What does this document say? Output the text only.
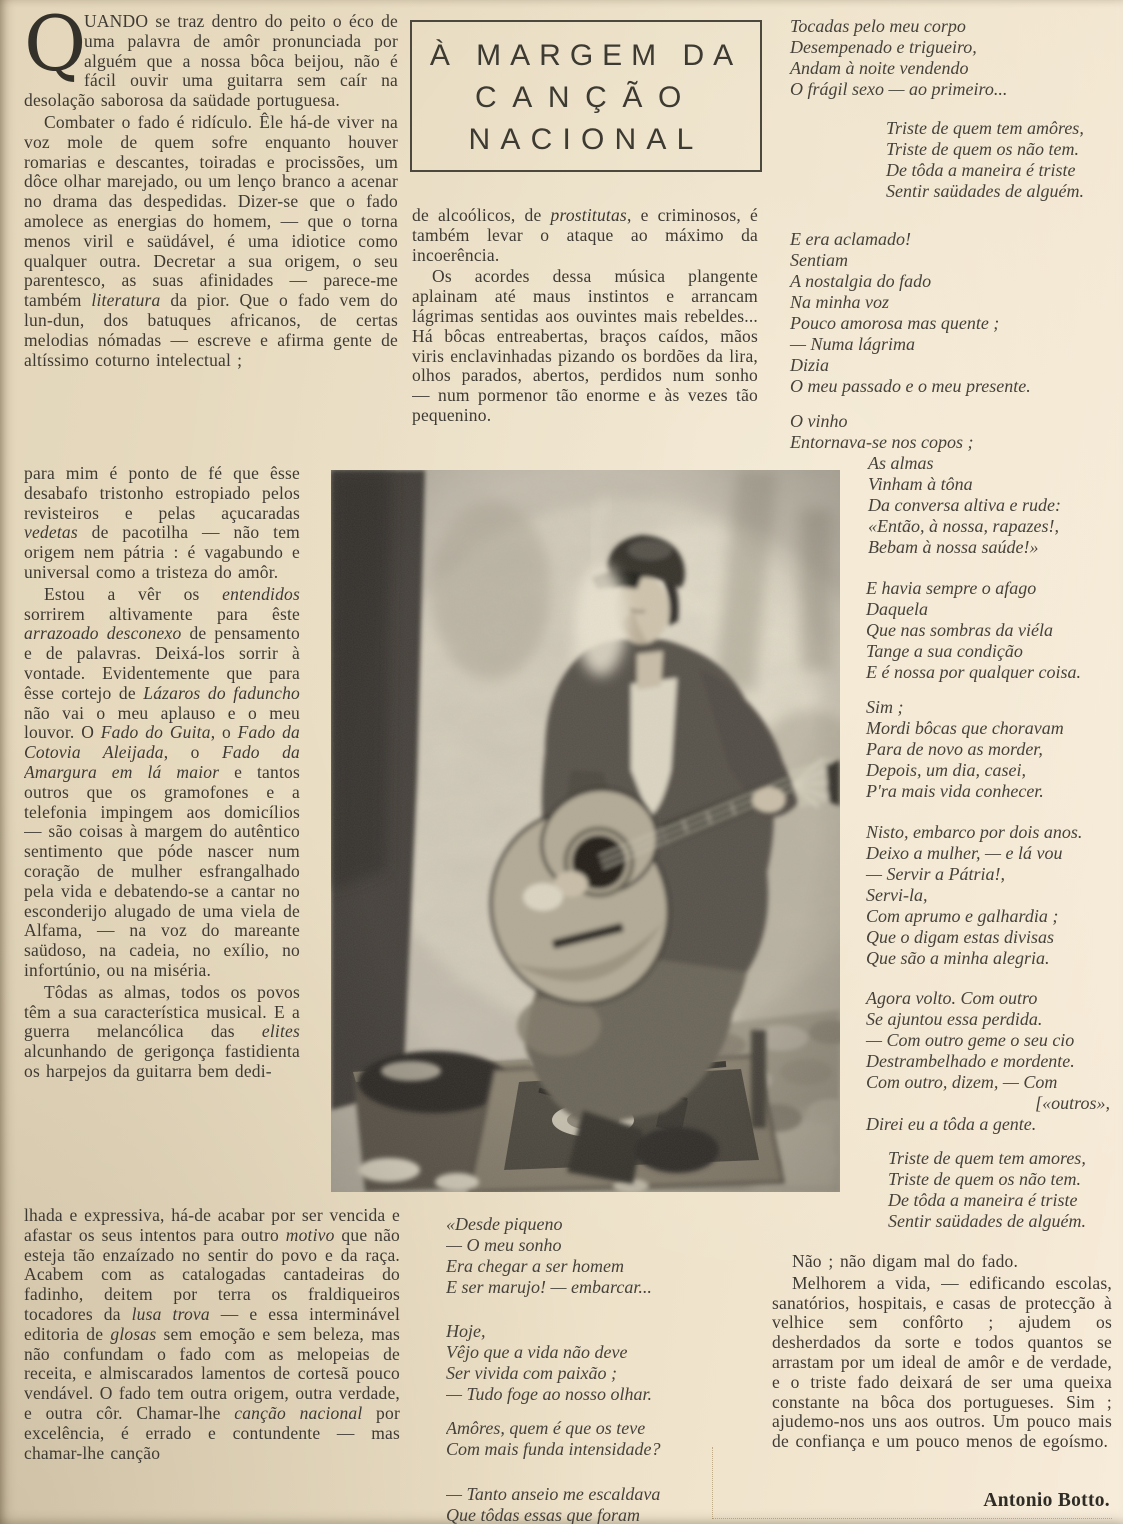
Q
UANDO se traz dentro do peito o éco de uma palavra de amôr pronunciada por alguém que a nossa bôca beijou, não é fácil ouvir uma guitarra sem caír na desolação saborosa da saüdade portuguesa.

Combater o fado é ridículo. Êle há-de viver na voz mole de quem sofre enquanto houver romarias e descantes, toiradas e procissões, um dôce olhar marejado, ou um lenço branco a acenar no drama das despedidas. Dizer-se que o fado amolece as energias do homem, — que o torna menos viril e saüdável, é uma idiotice como qualquer outra. Decretar a sua origem, o seu parentesco, as suas afinidades — parece-me também literatura da pior. Que o fado vem do lun-dun, dos batuques africanos, de certas melodias nómadas — escreve e afirma gente de altíssimo coturno intelectual ;

para mim é ponto de fé que êsse desabafo tristonho estropiado pelos revisteiros e pelas açucaradas vedetas de pacotilha — não tem origem nem pátria : é vagabundo e universal como a tristeza do amôr.

Estou a vêr os entendidos sorrirem altivamente para êste arrazoado desconexo de pensamento e de palavras. Deixá-los sorrir à vontade. Evidentemente que para êsse cortejo de Lázaros do faduncho não vai o meu aplauso e o meu louvor. O Fado do Guita, o Fado da Cotovia Aleijada, o Fado da Amargura em lá maior e tantos outros que os gramofones e a telefonia impingem aos domicílios — são coisas à margem do autêntico sentimento que póde nascer num coração de mulher esfrangalhado pela vida e debatendo-se a cantar no esconderijo alugado de uma viela de Alfama, — na voz do mareante saüdoso, na cadeia, no exílio, no infortúnio, ou na miséria.

Tôdas as almas, todos os povos têm a sua característica musical. E a guerra melancólica das elites alcunhando de gerigonça fastidienta os harpejos da guitarra bem dedi-

lhada e expressiva, há-de acabar por ser vencida e afastar os seus intentos para outro motivo que não esteja tão enzaízado no sentir do povo e da raça. Acabem com as catalogadas cantadeiras do fadinho, deitem por terra os fraldiqueiros tocadores da lusa trova — e essa interminável editoria de glosas sem emoção e sem beleza, mas não confundam o fado com as melopeias de receita, e almiscarados lamentos de cortesã pouco vendável. O fado tem outra origem, outra verdade, e outra côr. Chamar-lhe canção nacional por excelência, é errado e contundente — mas chamar-lhe canção

À MARGEM DA
CANÇÃO
NACIONAL

de alcoólicos, de prostitutas, e criminosos, é também levar o ataque ao máximo da incoerência.

Os acordes dessa música plangente aplainam até maus instintos e arrancam lágrimas sentidas aos ouvintes mais rebeldes... Há bôcas entreabertas, braços caídos, mãos viris enclavinhadas pizando os bordões da lira, olhos parados, abertos, perdidos num sonho — num pormenor tão enorme e às vezes tão pequenino.

«Desde piqueno
— O meu sonho
Era chegar a ser homem
E ser marujo! — embarcar...
Hoje,
Vêjo que a vida não deve
Ser vivida com paixão ;
— Tudo foge ao nosso olhar.
Amôres, quem é que os teve
Com mais funda intensidade?
— Tanto anseio me escaldava
Que tôdas essas que foram
Tocadas pelo meu corpo
Desempenado e trigueiro,
Andam à noite vendendo
O frágil sexo — ao primeiro...
Triste de quem tem amôres,
Triste de quem os não tem.
De tôda a maneira é triste
Sentir saüdades de alguém.
E era aclamado!
Sentiam
A nostalgia do fado
Na minha voz
Pouco amorosa mas quente ;
— Numa lágrima
Dizia
O meu passado e o meu presente.
O vinho
Entornava-se nos copos ;
As almas
Vinham à tôna
Da conversa altiva e rude:
«Então, à nossa, rapazes!,
Bebam à nossa saúde!»
E havia sempre o afago
Daquela
Que nas sombras da viéla
Tange a sua condição
E é nossa por qualquer coisa.
Sim ;
Mordi bôcas que choravam
Para de novo as morder,
Depois, um dia, casei,
P'ra mais vida conhecer.
Nisto, embarco por dois anos.
Deixo a mulher, — e lá vou
— Servir a Pátria!,
Servi-la,
Com aprumo e galhardia ;
Que o digam estas divisas
Que são a minha alegria.
Agora volto. Com outro
Se ajuntou essa perdida.
— Com outro geme o seu cio
Destrambelhado e mordente.
Com outro, dizem, — Com
[«outros»,
Direi eu a tôda a gente.
Triste de quem tem amores,
Triste de quem os não tem.
De tôda a maneira é triste
Sentir saüdades de alguém.

Não ; não digam mal do fado.

Melhorem a vida, — edificando escolas, sanatórios, hospitais, e casas de protecção à velhice sem confôrto ; ajudem os desherdados da sorte e todos quantos se arrastam por um ideal de amôr e de verdade, e o triste fado deixará de ser uma queixa constante na bôca dos portugueses. Sim ; ajudemo-nos uns aos outros. Um pouco mais de confiança e um pouco menos de egoísmo.

Antonio Botto.
